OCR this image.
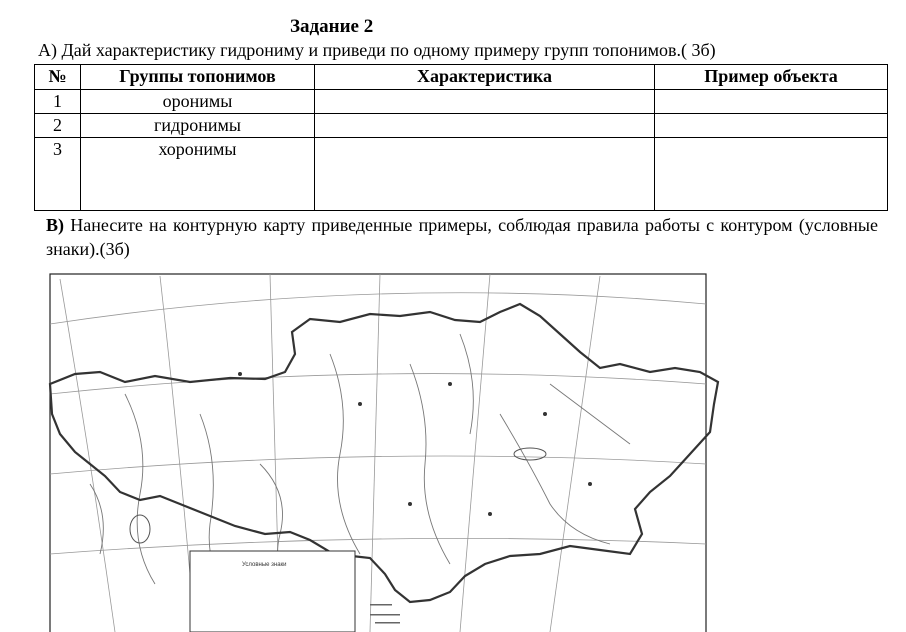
Задание 2
А) Дай характеристику гидрониму и приведи по одному примеру групп топонимов.( 3б)
№	Группы топонимов	Характеристика	Пример объекта
1	оронимы		
2	гидронимы		
3	хоронимы		
В) Нанесите на контурную карту приведенные примеры, соблюдая правила работы с контуром (условные знаки).(3б)
Условные знаки
